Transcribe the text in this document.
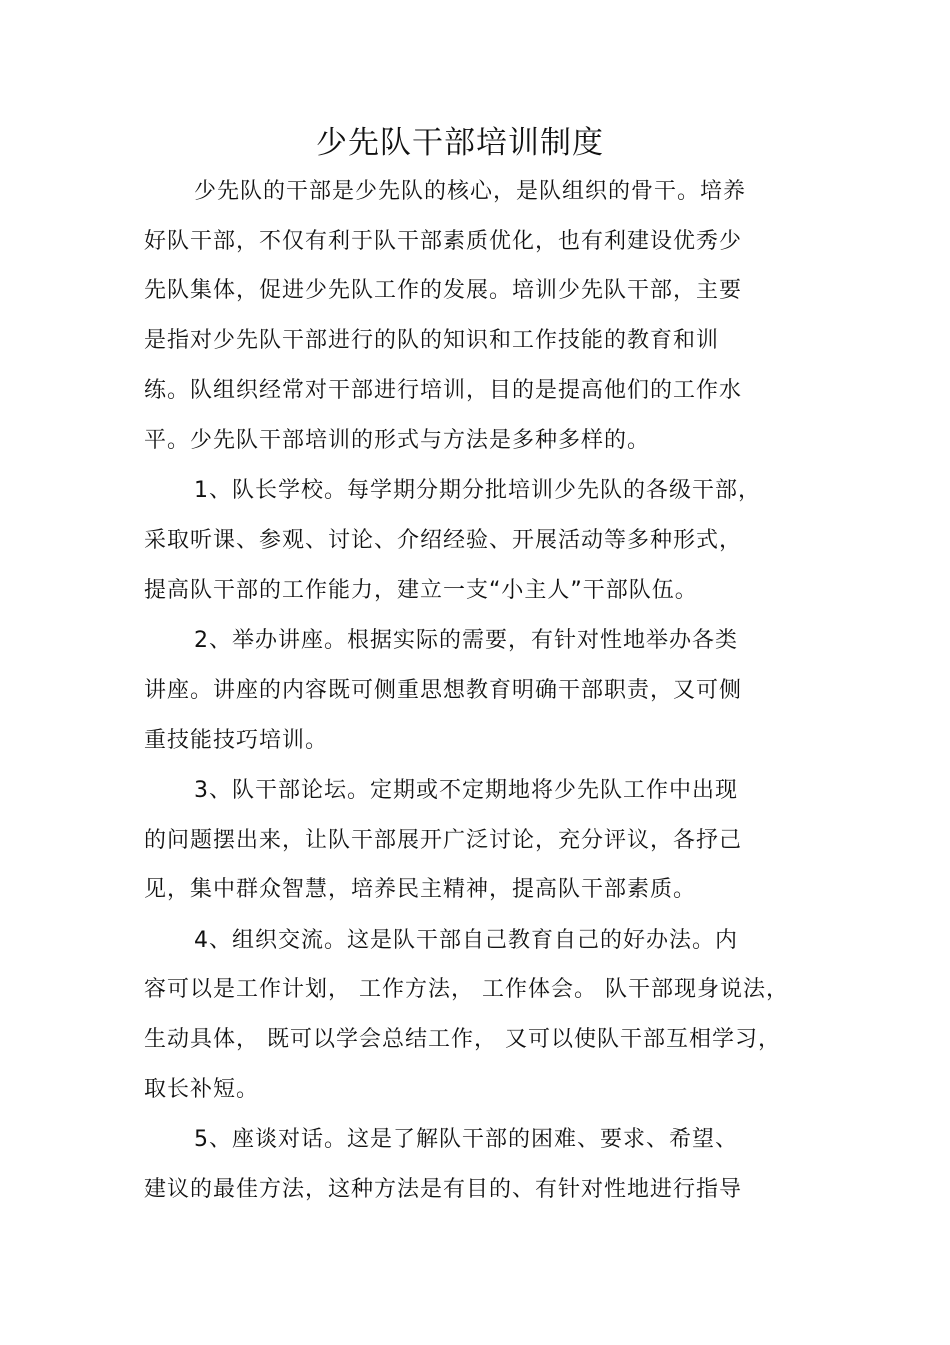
少先队干部培训制度
少先队的干部是少先队的核心，是队组织的骨干。培养
好队干部，不仅有利于队干部素质优化，也有利建设优秀少
先队集体，促进少先队工作的发展。培训少先队干部，主要
是指对少先队干部进行的队的知识和工作技能的教育和训
练。队组织经常对干部进行培训，目的是提高他们的工作水
平。少先队干部培训的形式与方法是多种多样的。
1、队长学校。每学期分期分批培训少先队的各级干部，
采取听课、参观、讨论、介绍经验、开展活动等多种形式，
提高队干部的工作能力，建立一支“小主人”干部队伍。
2、举办讲座。根据实际的需要，有针对性地举办各类
讲座。讲座的内容既可侧重思想教育明确干部职责，又可侧
重技能技巧培训。
3、队干部论坛。定期或不定期地将少先队工作中出现
的问题摆出来，让队干部展开广泛讨论，充分评议，各抒己
见，集中群众智慧，培养民主精神，提高队干部素质。
4、组织交流。这是队干部自己教育自己的好办法。内
容可以是工作计划， 工作方法， 工作体会。 队干部现身说法，
生动具体， 既可以学会总结工作， 又可以使队干部互相学习，
取长补短。
5、座谈对话。这是了解队干部的困难、要求、希望、
建议的最佳方法，这种方法是有目的、有针对性地进行指导
